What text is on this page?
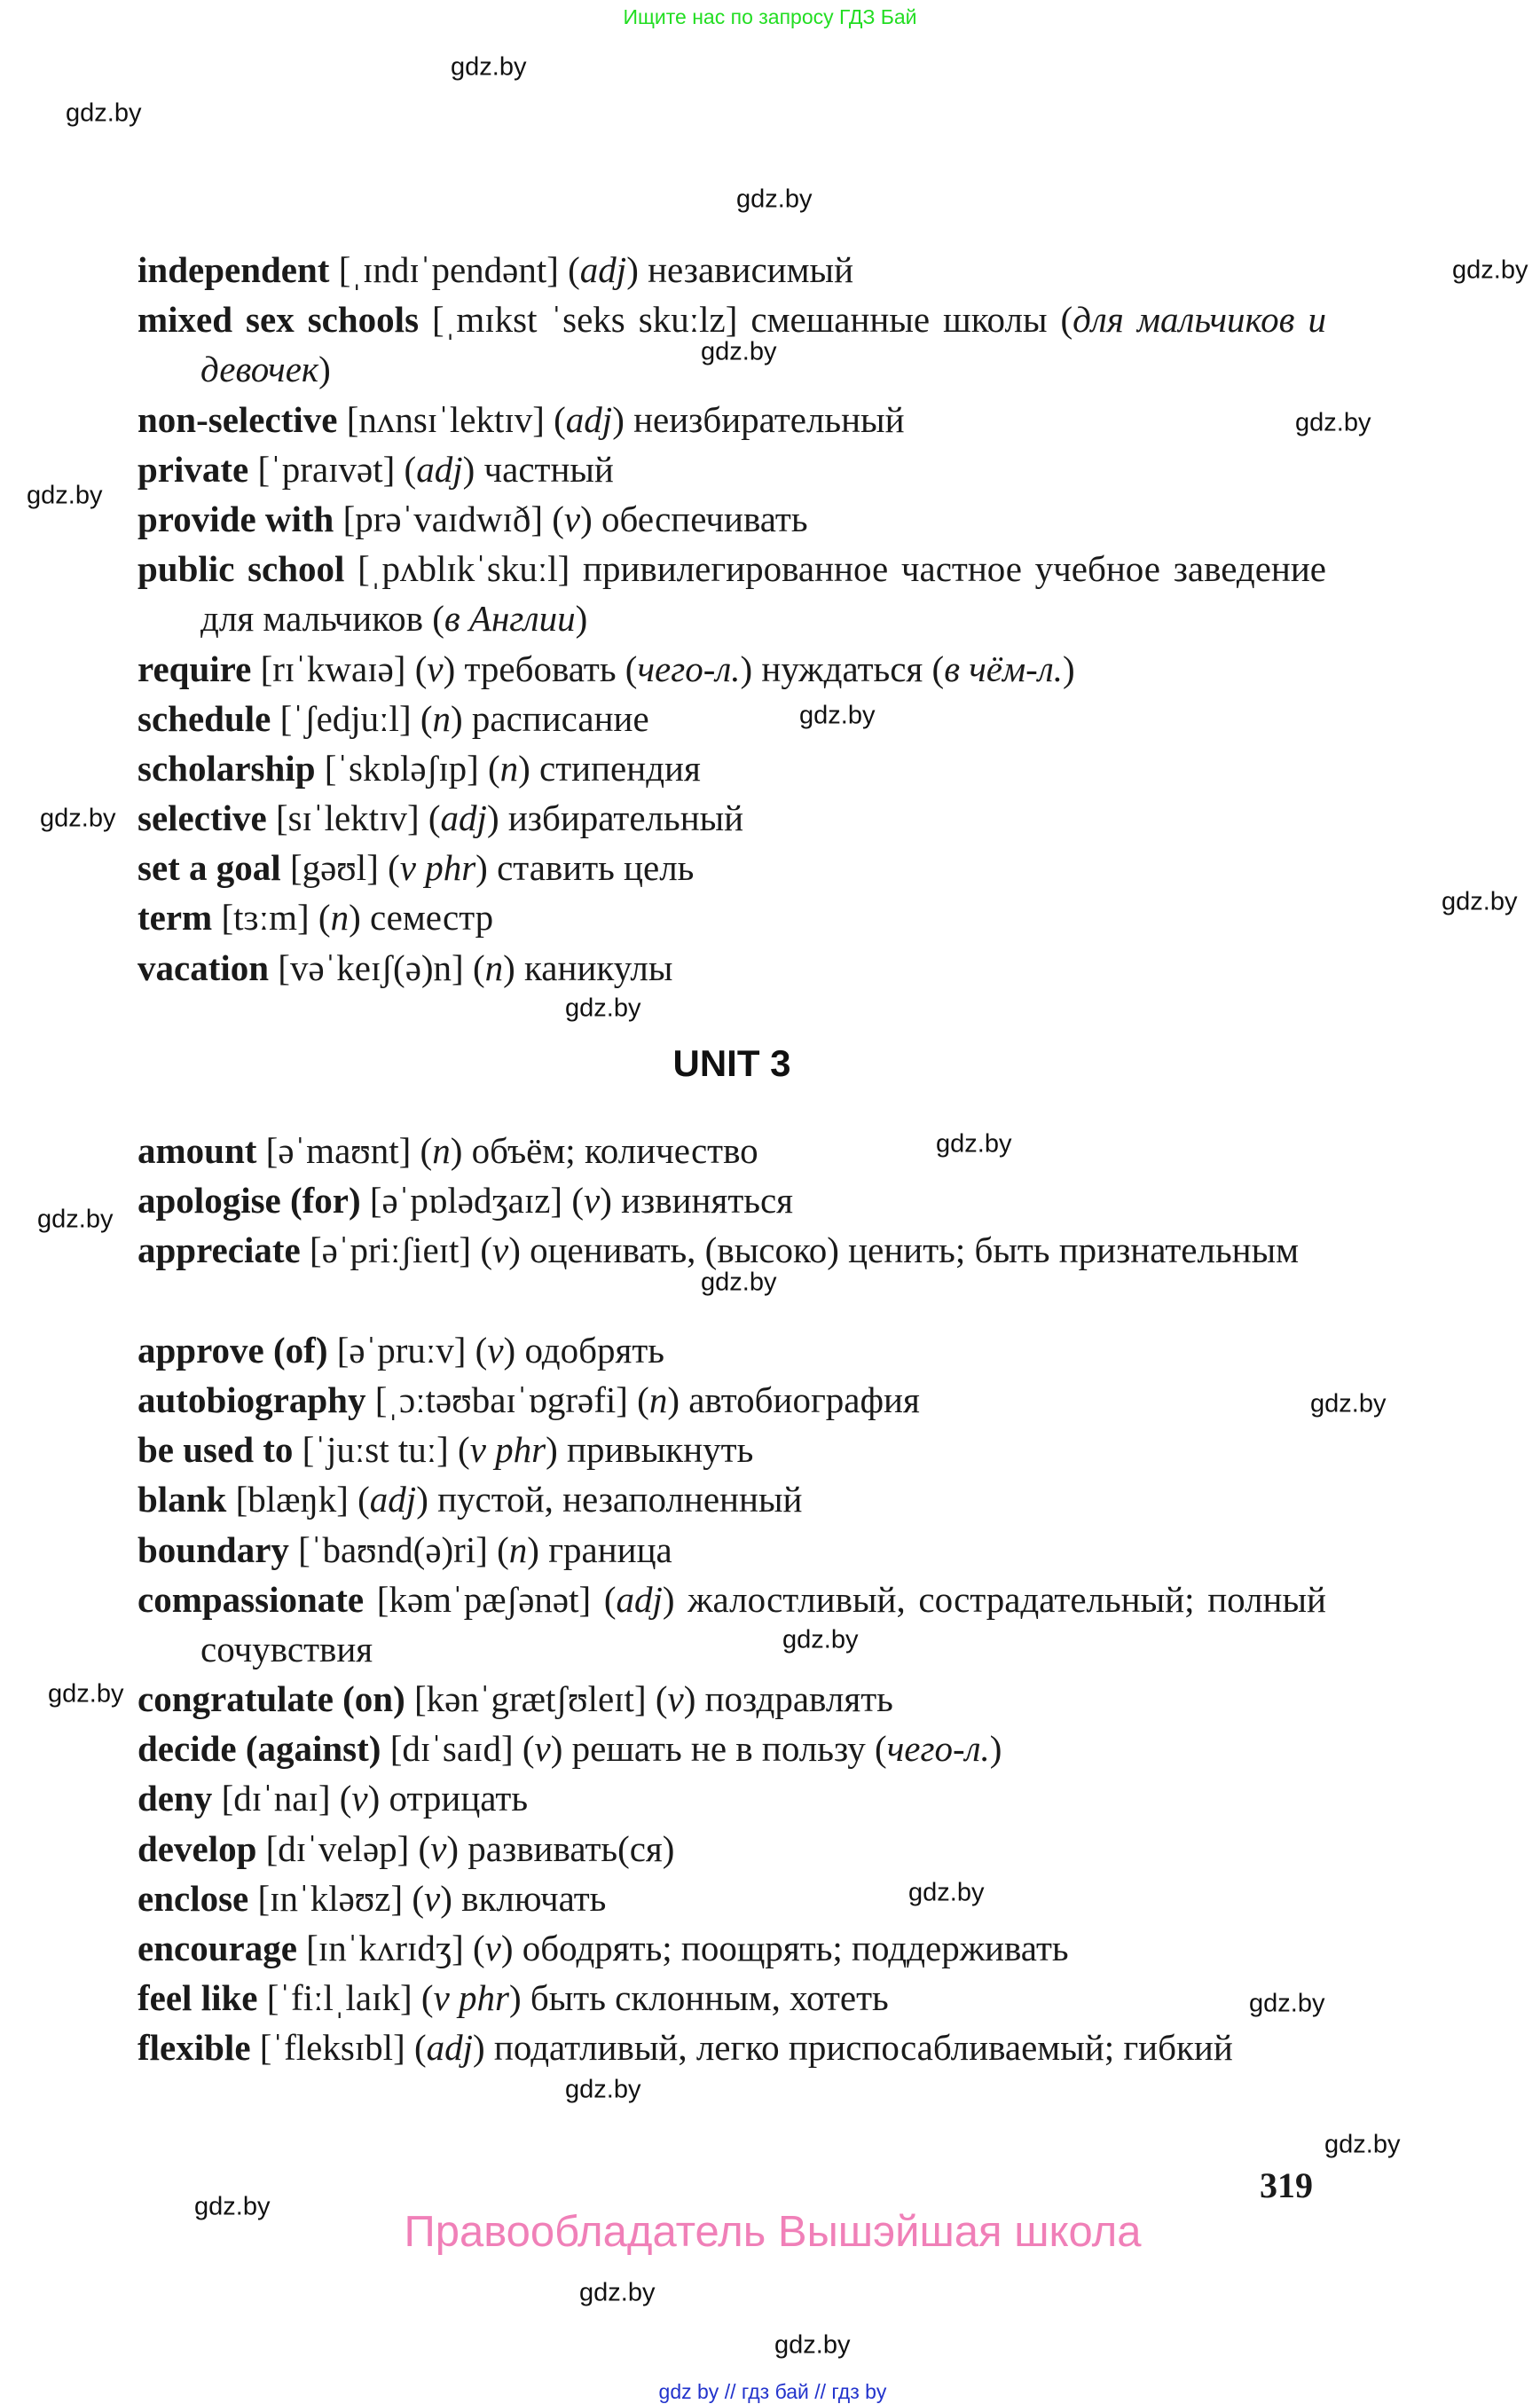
Ищите нас по запросу ГДЗ Бай
independent [ˌɪndɪˈpendənt] (adj) независимый
mixed sex schools [ˌmɪkst ˈseks skuːlz] смешанные школы (для мальчиков и девочек)
non-selective [nʌnsɪˈlektɪv] (adj) неизбирательный
private [ˈpraɪvət] (adj) частный
provide with [prəˈvaɪdwɪð] (v) обеспечивать
public school [ˌpʌblɪkˈskuːl] привилегированное частное учебное заведение для мальчиков (в Англии)
require [rɪˈkwaɪə] (v) требовать (чего-л.) нуждаться (в чём-л.)
schedule [ˈʃedjuːl] (n) расписание
scholarship [ˈskɒləʃɪp] (n) стипендия
selective [sɪˈlektɪv] (adj) избирательный
set a goal [gəʊl] (v phr) ставить цель
term [tɜːm] (n) семестр
vacation [vəˈkeɪʃ(ə)n] (n) каникулы
UNIT 3
amount [əˈmaʊnt] (n) объём; количество
apologise (for) [əˈpɒlədʒaɪz] (v) извиняться
appreciate [əˈpriːʃieɪt] (v) оценивать, (высоко) ценить; быть признательным
approve (of) [əˈpruːv] (v) одобрять
autobiography [ˌɔːtəʊbaɪˈɒgrəfi] (n) автобиография
be used to [ˈjuːst tuː] (v phr) привыкнуть
blank [blæŋk] (adj) пустой, незаполненный
boundary [ˈbaʊnd(ə)ri] (n) граница
compassionate [kəmˈpæʃənət] (adj) жалостливый, сострадательный; полный сочувствия
congratulate (on) [kənˈgrætʃʊleɪt] (v) поздравлять
decide (against) [dɪˈsaɪd] (v) решать не в пользу (чего-л.)
deny [dɪˈnaɪ] (v) отрицать
develop [dɪˈveləp] (v) развивать(ся)
enclose [ɪnˈkləʊz] (v) включать
encourage [ɪnˈkʌrɪdʒ] (v) ободрять; поощрять; поддерживать
feel like [ˈfiːlˌlaɪk] (v phr) быть склонным, хотеть
flexible [ˈfleksɪbl] (adj) податливый, легко приспосабливаемый; гибкий
319
Правообладатель Вышэйшая школа
gdz by // гдз бай // гдз by
gdz.by
gdz.by
gdz.by
gdz.by
gdz.by
gdz.by
gdz.by
gdz.by
gdz.by
gdz.by
gdz.by
gdz.by
gdz.by
gdz.by
gdz.by
gdz.by
gdz.by
gdz.by
gdz.by
gdz.by
gdz.by
gdz.by
gdz.by
gdz.by
